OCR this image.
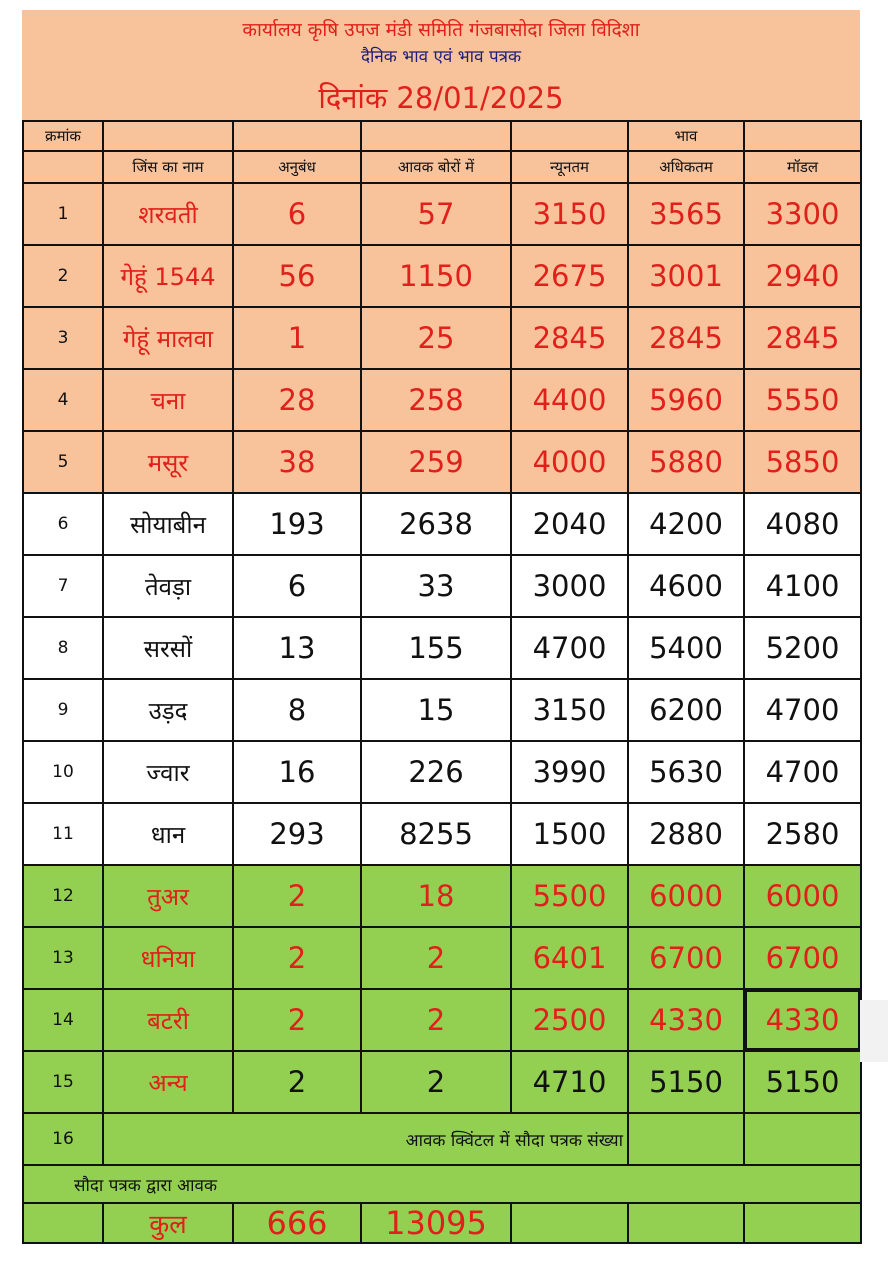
कार्यालय कृषि उपज मंडी समिति गंजबासोदा जिला विदिशा
दैनिक भाव एवं भाव पत्रक
दिनांक 28/01/2025
क्रमांक					भाव	
	जिंस का नाम	अनुबंध	आवक बोरों में	न्यूनतम	अधिकतम	मॉडल
1	शरवती	6	57	3150	3565	3300
2	गेहूं 1544	56	1150	2675	3001	2940
3	गेहूं मालवा	1	25	2845	2845	2845
4	चना	28	258	4400	5960	5550
5	मसूर	38	259	4000	5880	5850
6	सोयाबीन	193	2638	2040	4200	4080
7	तेवड़ा	6	33	3000	4600	4100
8	सरसों	13	155	4700	5400	5200
9	उड़द	8	15	3150	6200	4700
10	ज्वार	16	226	3990	5630	4700
11	धान	293	8255	1500	2880	2580
12	तुअर	2	18	5500	6000	6000
13	धनिया	2	2	6401	6700	6700
14	बटरी	2	2	2500	4330	4330
15	अन्य	2	2	4710	5150	5150
16	आवक क्विंटल में सौदा पत्रक संख्या					
सौदा पत्रक द्वारा आवक						
	कुल	666	13095			
